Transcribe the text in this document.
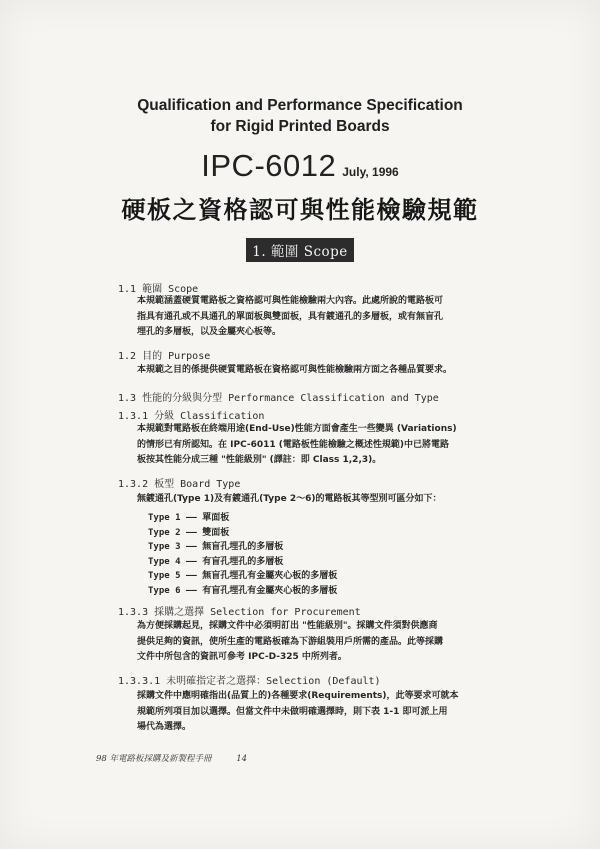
Qualification and Performance Specification
for Rigid Printed Boards
IPC-6012 July, 1996
硬板之資格認可與性能檢驗規範
1. 範圍 Scope
1.1 範圍 Scope
本規範涵蓋硬質電路板之資格認可與性能檢驗兩大內容。此處所說的電路板可
指具有通孔或不具通孔的單面板與雙面板，具有鍍通孔的多層板，或有無盲孔
埋孔的多層板，以及金屬夾心板等。
1.2 目的 Purpose
本規範之目的係提供硬質電路板在資格認可與性能檢驗兩方面之各種品質要求。
1.3 性能的分級與分型 Performance Classification and Type
1.3.1 分級 Classification
本規範對電路板在終端用途(End-Use)性能方面會產生一些變異 (Variations)
的情形已有所認知。在 IPC-6011 (電路板性能檢驗之概述性規範)中已將電路
板按其性能分成三種 "性能級別" (譯註：即 Class 1,2,3)。
1.3.2 板型 Board Type
無鍍通孔(Type 1)及有鍍通孔(Type 2～6)的電路板其等型別可區分如下：
Type 1 —— 單面板
Type 2 —— 雙面板
Type 3 —— 無盲孔埋孔的多層板
Type 4 —— 有盲孔埋孔的多層板
Type 5 —— 無盲孔埋孔有金屬夾心板的多層板
Type 6 —— 有盲孔埋孔有金屬夾心板的多層板
1.3.3 採購之選擇 Selection for Procurement
為方便採購起見，採購文件中必須明訂出 "性能級別"。採購文件須對供應商
提供足夠的資訊，使所生產的電路板確為下游組裝用戶所需的產品。此等採購
文件中所包含的資訊可參考 IPC-D-325 中所列者。
1.3.3.1 未明確指定者之選擇：Selection (Default)
採購文件中應明確指出(品質上的)各種要求(Requirements)，此等要求可就本
規範所列項目加以選擇。但當文件中未做明確選擇時，則下表 1-1 即可派上用
場代為選擇。
98 年電路板採購及新製程手冊	14
